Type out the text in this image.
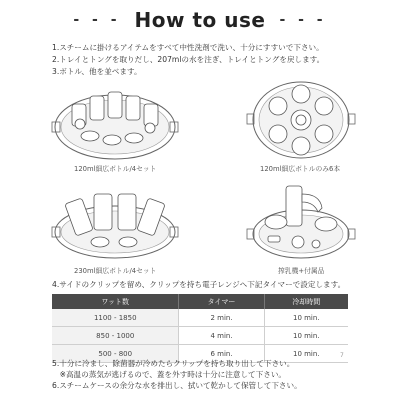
- - - How to use - - -
1.スチームに掛けるアイテムをすべて中性洗剤で洗い、十分にすすいで下さい。
2.トレイとトングを取りだし、207mlの水を注ぎ、トレイとトングを戻します。
3.ボトル、他を並べます。
120ml細広ボトル/4セット	120ml細広ボトルのみ6本
230ml細広ボトル/4セット	搾乳機+付属品
4.サイドのクリップを留め、クリップを持ち電子レンジへ下記タイマーで設定します。
ワット数	タイマー	冷却時間
1100 - 1850	2 min.	10 min.
850 - 1000	4 min.	10 min.
500 - 800	6 min.	10 min.	7
5.十分に冷まし、除菌器が冷めたらクリップを持ち取り出して下さい。
　※高温の蒸気が逃げるので、蓋を外す時は十分に注意して下さい。
6.スチームケースの余分な水を排出し、拭いて乾かして保管して下さい。
